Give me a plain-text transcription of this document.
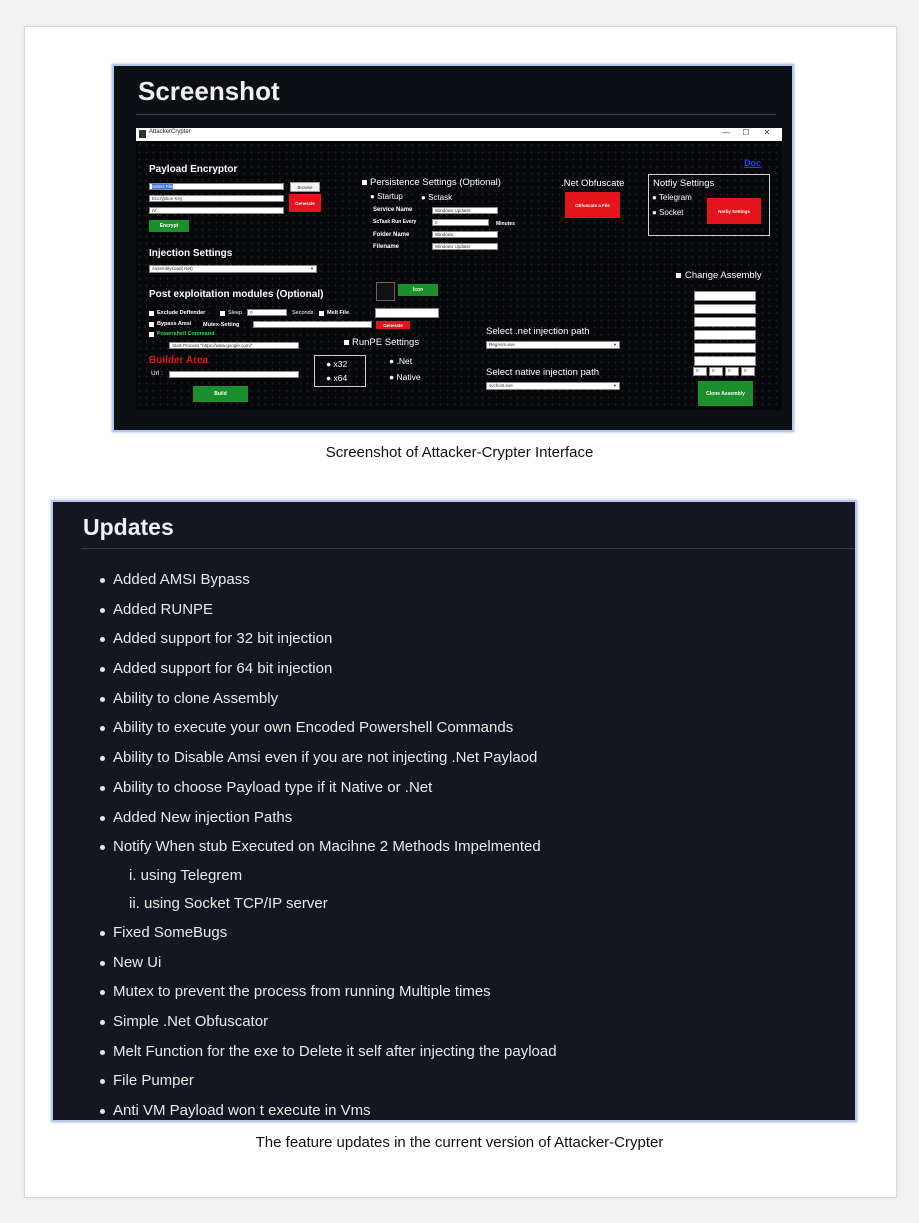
Screenshot
AttackerCrypter	—	☐	✕
Payload Encryptor
Select File
Encryption Key
IV
Browse
Generate
Encrypt
Injection Settings
AssemblyLoad(.Net)	▼
Persistence Settings (Optional)
● Startup ● Sctask
Service Name	Windows Updater
ScTask Run Every	0	Minutes
Folder Name	Windows
Filename	Windows Updater
.Net Obfuscate
Obfuscate a File
Doc
Notfiy Settings
● Telegram
● Socket	Notfiy Settings
Post exploitation modules (Optional)
Exclude Deffender	Sleep	0	Seconds Melt File
Bypass Amsi Mutex-Setting	Generate
Powershell Command
Start-Process "https://www.google.com/"
Icon
Builder Area
Url :
Build
RunPE Settings
● x32
● x64
● .Net
● Native
Select .net injection path
RegAsm.exe	▼
Select native injection path
svchost.exe	▼
Change Assembly
0	0	0	0
Clone Assembly
Screenshot of Attacker-Crypter Interface
Updates
Added AMSI Bypass
Added RUNPE
Added support for 32 bit injection
Added support for 64 bit injection
Ability to clone Assembly
Ability to execute your own Encoded Powershell Commands
Ability to Disable Amsi even if you are not injecting .Net Paylaod
Ability to choose Payload type if it Native or .Net
Added New injection Paths
Notify When stub Executed on Macihne 2 Methods Impelmented
i. using Telegrem
ii. using Socket TCP/IP server
Fixed SomeBugs
New Ui
Mutex to prevent the process from running Multiple times
Simple .Net Obfuscator
Melt Function for the exe to Delete it self after injecting the payload
File Pumper
Anti VM Payload won t execute in Vms
The feature updates in the current version of Attacker-Crypter
